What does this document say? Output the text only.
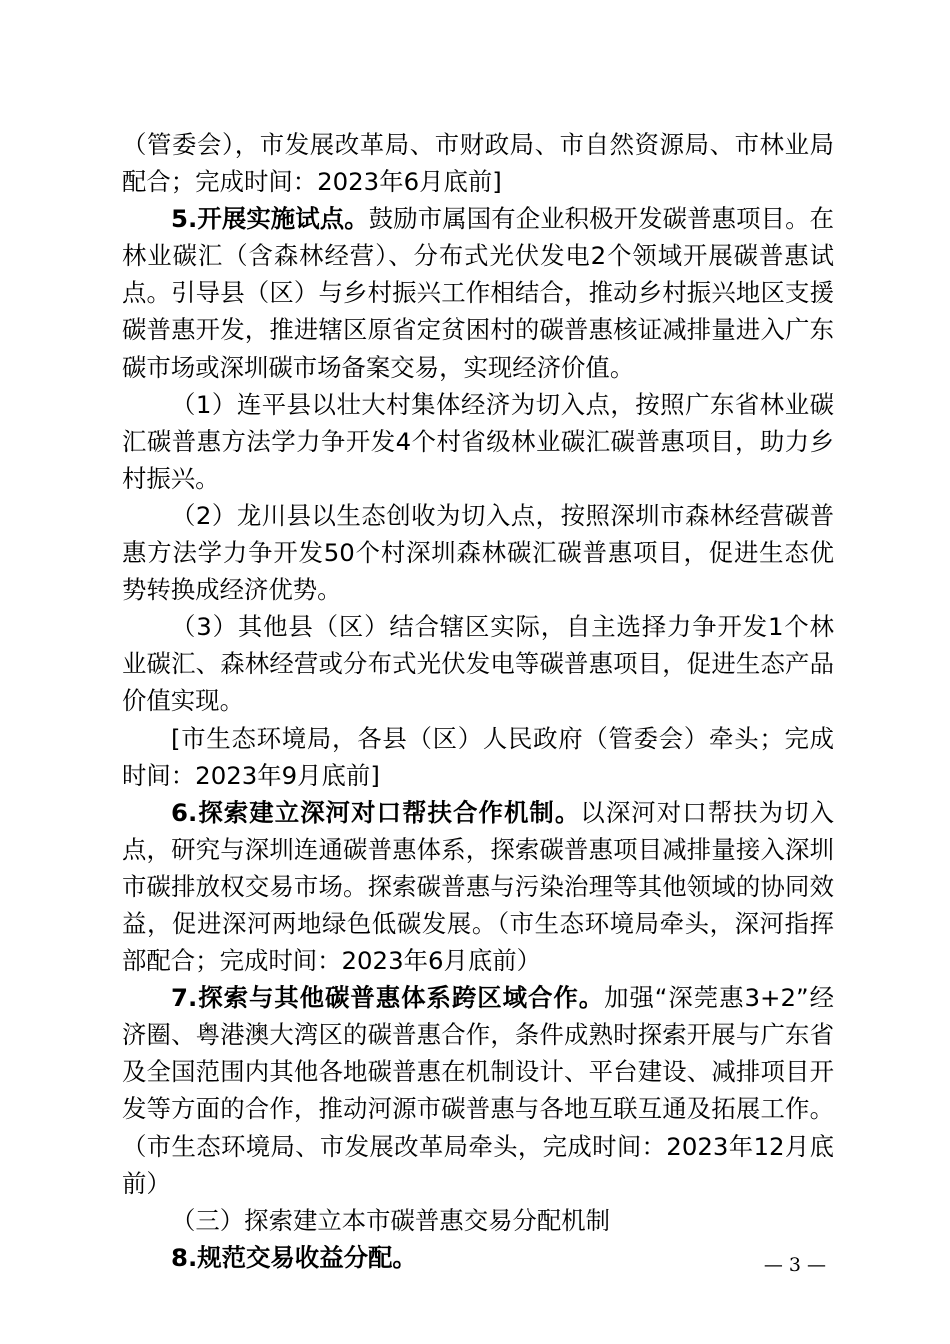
（管委会），市发展改革局、市财政局、市自然资源局、市林业局配合；完成时间：2023年6月底前]

5.开展实施试点。鼓励市属国有企业积极开发碳普惠项目。在林业碳汇（含森林经营）、分布式光伏发电2个领域开展碳普惠试点。引导县（区）与乡村振兴工作相结合，推动乡村振兴地区支援碳普惠开发，推进辖区原省定贫困村的碳普惠核证减排量进入广东碳市场或深圳碳市场备案交易，实现经济价值。

（1）连平县以壮大村集体经济为切入点，按照广东省林业碳汇碳普惠方法学力争开发4个村省级林业碳汇碳普惠项目，助力乡村振兴。

（2）龙川县以生态创收为切入点，按照深圳市森林经营碳普惠方法学力争开发50个村深圳森林碳汇碳普惠项目，促进生态优势转换成经济优势。

（3）其他县（区）结合辖区实际，自主选择力争开发1个林业碳汇、森林经营或分布式光伏发电等碳普惠项目，促进生态产品价值实现。

[市生态环境局，各县（区）人民政府（管委会）牵头；完成时间：2023年9月底前]

6.探索建立深河对口帮扶合作机制。以深河对口帮扶为切入点，研究与深圳连通碳普惠体系，探索碳普惠项目减排量接入深圳市碳排放权交易市场。探索碳普惠与污染治理等其他领域的协同效益，促进深河两地绿色低碳发展。（市生态环境局牵头，深河指挥部配合；完成时间：2023年6月底前）

7.探索与其他碳普惠体系跨区域合作。加强“深莞惠3+2”经济圈、粤港澳大湾区的碳普惠合作，条件成熟时探索开展与广东省及全国范围内其他各地碳普惠在机制设计、平台建设、减排项目开发等方面的合作，推动河源市碳普惠与各地互联互通及拓展工作。（市生态环境局、市发展改革局牵头，完成时间：2023年12月底前）

（三）探索建立本市碳普惠交易分配机制

8.规范交易收益分配。	— 3 —
